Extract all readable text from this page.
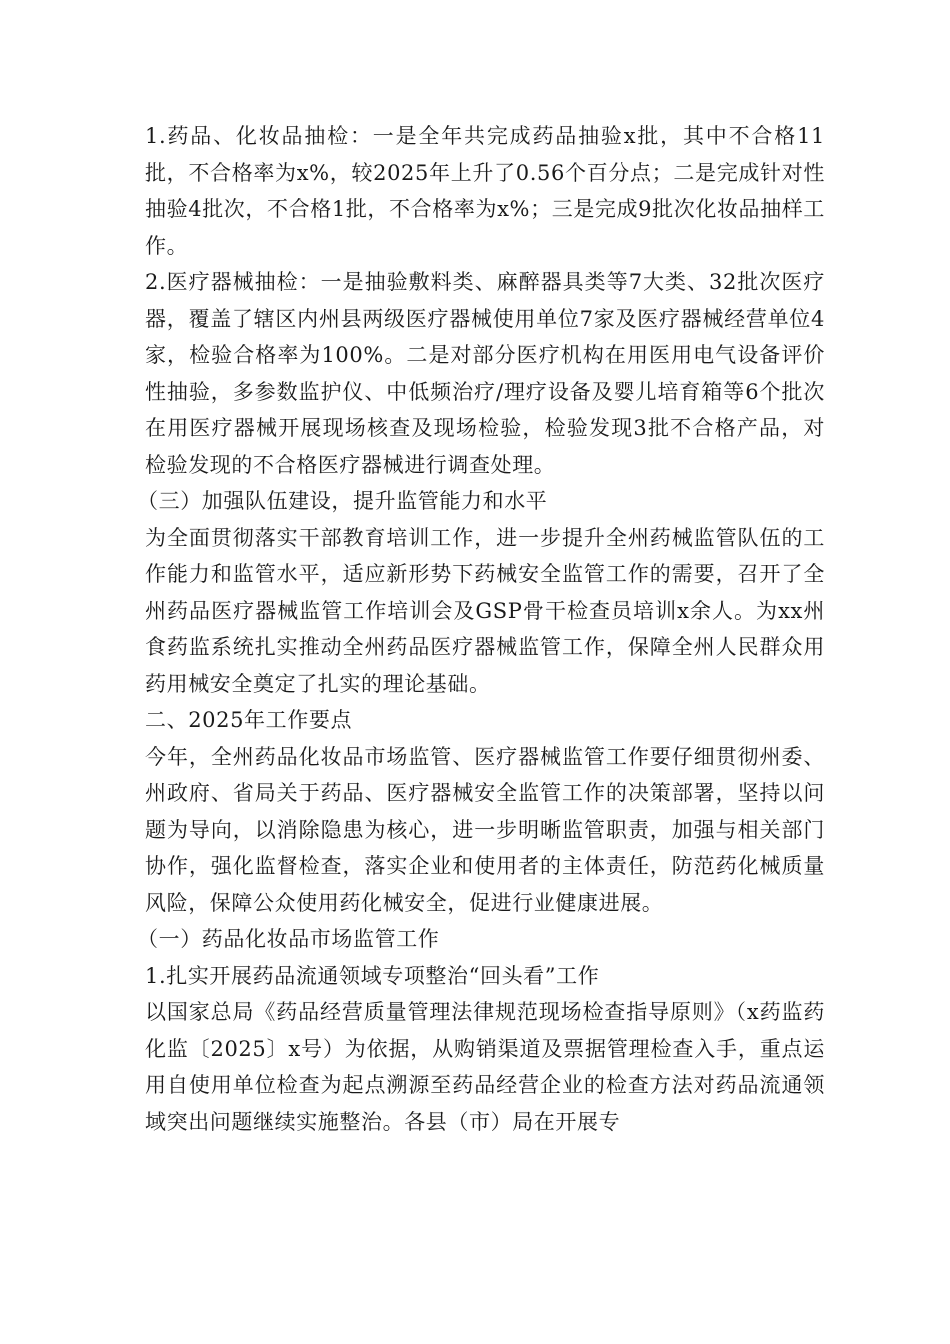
1.药品、化妆品抽检：一是全年共完成药品抽验x批，其中不合格11批，不合格率为x%，较2025年上升了0.56个百分点；二是完成针对性抽验4批次，不合格1批，不合格率为x%；三是完成9批次化妆品抽样工作。

2.医疗器械抽检：一是抽验敷料类、麻醉器具类等7大类、32批次医疗器，覆盖了辖区内州县两级医疗器械使用单位7家及医疗器械经营单位4家，检验合格率为100%。二是对部分医疗机构在用医用电气设备评价性抽验，多参数监护仪、中低频治疗/理疗设备及婴儿培育箱等6个批次在用医疗器械开展现场核查及现场检验，检验发现3批不合格产品，对检验发现的不合格医疗器械进行调查处理。

（三）加强队伍建设，提升监管能力和水平

为全面贯彻落实干部教育培训工作，进一步提升全州药械监管队伍的工作能力和监管水平，适应新形势下药械安全监管工作的需要，召开了全州药品医疗器械监管工作培训会及GSP骨干检查员培训x余人。为xx州食药监系统扎实推动全州药品医疗器械监管工作，保障全州人民群众用药用械安全奠定了扎实的理论基础。

二、2025年工作要点

今年，全州药品化妆品市场监管、医疗器械监管工作要仔细贯彻州委、州政府、省局关于药品、医疗器械安全监管工作的决策部署，坚持以问题为导向，以消除隐患为核心，进一步明晰监管职责，加强与相关部门协作，强化监督检查，落实企业和使用者的主体责任，防范药化械质量风险，保障公众使用药化械安全，促进行业健康进展。

（一）药品化妆品市场监管工作

1.扎实开展药品流通领域专项整治“回头看”工作

以国家总局《药品经营质量管理法律规范现场检查指导原则》（x药监药化监〔2025〕x号）为依据，从购销渠道及票据管理检查入手，重点运用自使用单位检查为起点溯源至药品经营企业的检查方法对药品流通领域突出问题继续实施整治。各县（市）局在开展专
